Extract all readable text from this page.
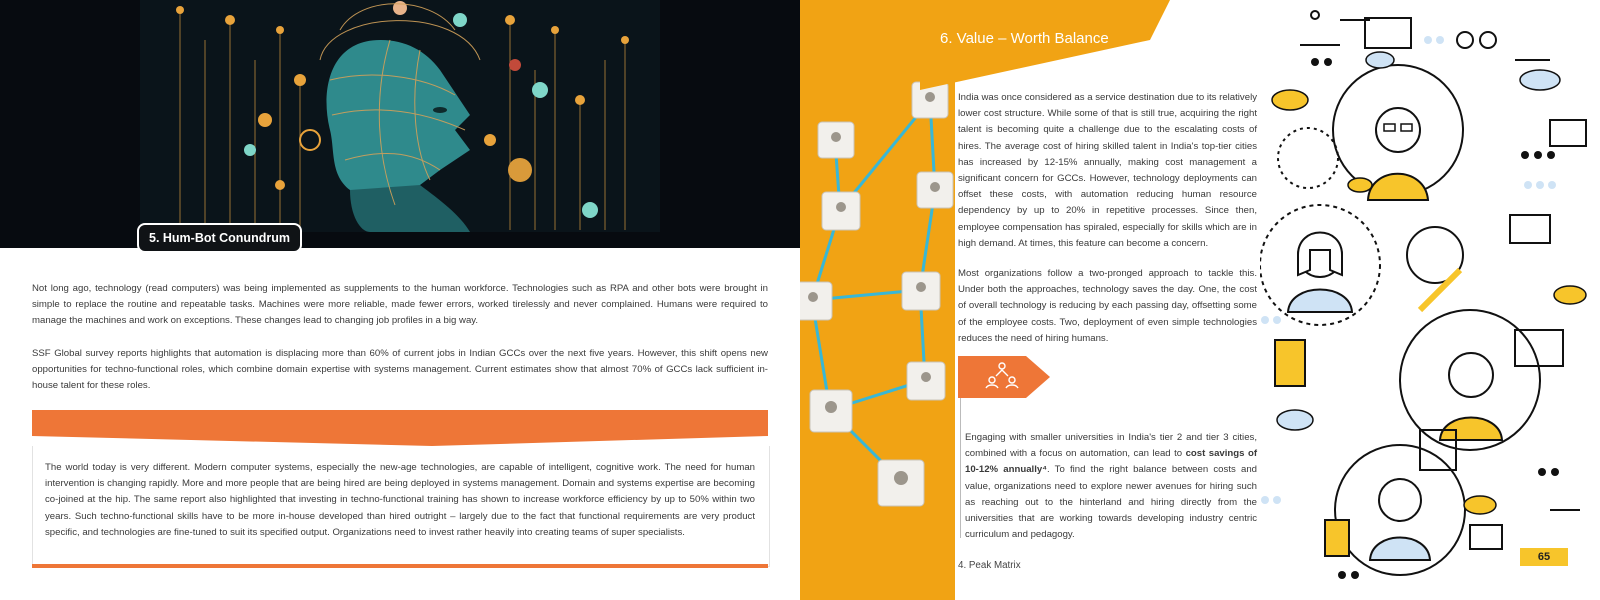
5. Hum-Bot Conundrum
Not long ago, technology (read computers) was being implemented as supplements to the human workforce. Technologies such as RPA and other bots were brought in simple to replace the routine and repeatable tasks. Machines were more reliable, made fewer errors, worked tirelessly and never complained. Humans were required to manage the machines and work on exceptions. These changes lead to changing job profiles in a big way.
SSF Global survey reports highlights that automation is displacing more than 60% of current jobs in Indian GCCs over the next five years. However, this shift opens new opportunities for techno-functional roles, which combine domain expertise with systems management. Current estimates show that almost 70% of GCCs lack sufficient in-house talent for these roles.
The world today is very different. Modern computer systems, especially the new-age technologies, are capable of intelligent, cognitive work. The need for human intervention is changing rapidly. More and more people that are being hired are being deployed in systems management. Domain and systems expertise are becoming co-joined at the hip. The same report also highlighted that investing in techno-functional training has shown to increase workforce efficiency by up to 50% within two years. Such techno-functional skills have to be more in-house developed than hired outright – largely due to the fact that functional requirements are very product specific, and technologies are fine-tuned to suit its specified output. Organizations need to invest rather heavily into creating teams of super specialists.
6. Value – Worth Balance
India was once considered as a service destination due to its relatively lower cost structure. While some of that is still true, acquiring the right talent is becoming quite a challenge due to the escalating costs of hires. The average cost of hiring skilled talent in India's top-tier cities has increased by 12-15% annually, making cost management a significant concern for GCCs. However, technology deployments can offset these costs, with automation reducing human resource dependency by up to 20% in repetitive processes. Since then, employee compensation has spiraled, especially for skills which are in high demand. At times, this feature can become a concern.
Most organizations follow a two-pronged approach to tackle this. Under both the approaches, technology saves the day. One, the cost of overall technology is reducing by each passing day, offsetting some of the employee costs. Two, deployment of even simple technologies reduces the need of hiring humans.
Engaging with smaller universities in India's tier 2 and tier 3 cities, combined with a focus on automation, can lead to cost savings of 10-12% annually⁴. To find the right balance between costs and value, organizations need to explore newer avenues for hiring such as reaching out to the hinterland and hiring directly from the universities that are working towards developing industry centric curriculum and pedagogy.
4. Peak Matrix
65
